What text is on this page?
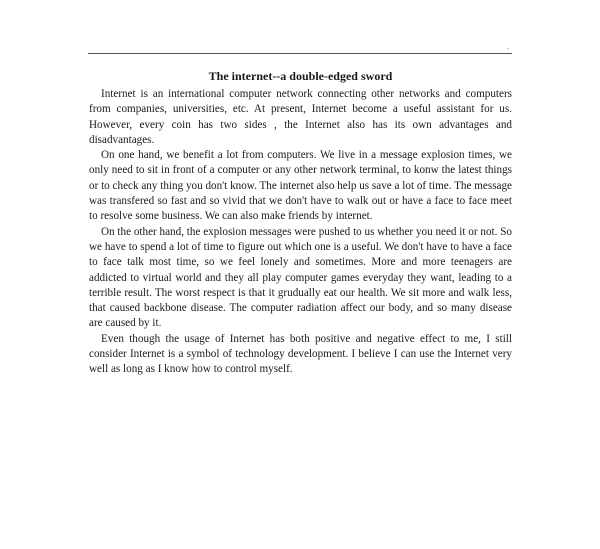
.
The internet--a double-edged sword

Internet is an international computer network connecting other networks and computers from companies, universities, etc. At present, Internet become a useful assistant for us. However, every coin has two sides , the Internet also has its own advantages and disadvantages.

On one hand, we benefit a lot from computers. We live in a message explosion times, we only need to sit in front of a computer or any other network terminal, to konw the latest things or to check any thing you don't know. The internet also help us save a lot of time. The message was transfered so fast and so vivid that we don't have to walk out or have a face to face meet to resolve some business. We can also make friends by internet.

On the other hand, the explosion messages were pushed to us whether you need it or not. So we have to spend a lot of time to figure out which one is a useful. We don't have to have a face to face talk most time, so we feel lonely and sometimes. More and more teenagers are addicted to virtual world and they all play computer games everyday they want, leading to a terrible result. The worst respect is that it grudually eat our health. We sit more and walk less, that caused backbone disease. The computer radiation affect our body, and so many disease are caused by it.

Even though the usage of Internet has both positive and negative effect to me, I still consider Internet is a symbol of technology development. I believe I can use the Internet very well as long as I know how to control myself.
